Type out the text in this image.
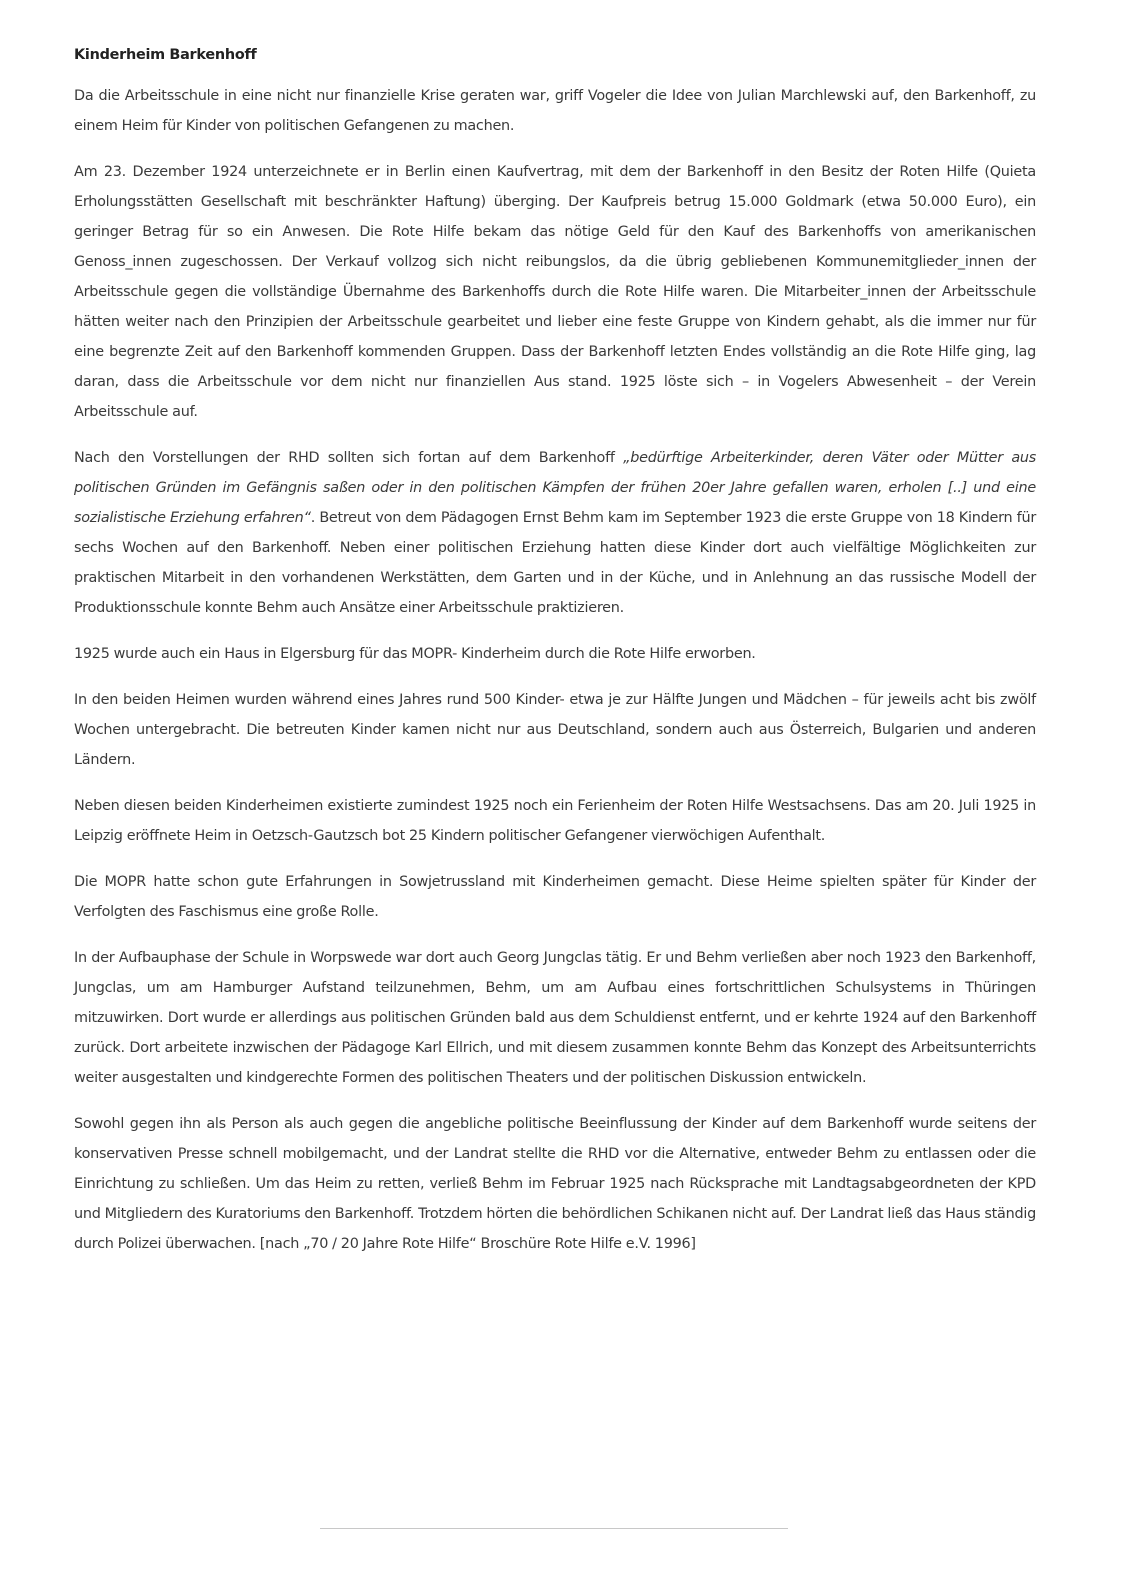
Kinderheim Barkenhoff

Da die Arbeitsschule in eine nicht nur finanzielle Krise geraten war, griff Vogeler die Idee von Julian Marchlewski auf, den Barkenhoff, zu einem Heim für Kinder von politischen Gefangenen zu machen.

Am 23. Dezember 1924 unterzeichnete er in Berlin einen Kaufvertrag, mit dem der Barkenhoff in den Besitz der Roten Hilfe (Quieta Erholungsstätten Gesellschaft mit beschränkter Haftung) überging. Der Kaufpreis betrug 15.000 Goldmark (etwa 50.000 Euro), ein geringer Betrag für so ein Anwesen. Die Rote Hilfe bekam das nötige Geld für den Kauf des Barkenhoffs von amerikanischen Genoss_innen zugeschossen. Der Verkauf vollzog sich nicht reibungslos, da die übrig gebliebenen Kommunemitglieder_innen der Arbeitsschule gegen die vollständige Übernahme des Barkenhoffs durch die Rote Hilfe waren. Die Mitarbeiter_innen der Arbeitsschule hätten weiter nach den Prinzipien der Arbeitsschule gearbeitet und lieber eine feste Gruppe von Kindern gehabt, als die immer nur für eine begrenzte Zeit auf den Barkenhoff kommenden Gruppen. Dass der Barkenhoff letzten Endes vollständig an die Rote Hilfe ging, lag daran, dass die Arbeitsschule vor dem nicht nur finanziellen Aus stand. 1925 löste sich – in Vogelers Abwesenheit – der Verein Arbeitsschule auf.

Nach den Vorstellungen der RHD sollten sich fortan auf dem Barkenhoff „bedürftige Arbeiterkinder, deren Väter oder Mütter aus politischen Gründen im Gefängnis saßen oder in den politischen Kämpfen der frühen 20er Jahre gefallen waren, erholen [..] und eine sozialistische Erziehung erfahren“. Betreut von dem Pädagogen Ernst Behm kam im September 1923 die erste Gruppe von 18 Kindern für sechs Wochen auf den Barkenhoff. Neben einer politischen Erziehung hatten diese Kinder dort auch vielfältige Möglichkeiten zur praktischen Mitarbeit in den vorhandenen Werkstätten, dem Garten und in der Küche, und in Anlehnung an das russische Modell der Produktionsschule konnte Behm auch Ansätze einer Arbeitsschule praktizieren.

1925 wurde auch ein Haus in Elgersburg für das MOPR- Kinderheim durch die Rote Hilfe erworben.

In den beiden Heimen wurden während eines Jahres rund 500 Kinder- etwa je zur Hälfte Jungen und Mädchen – für jeweils acht bis zwölf Wochen untergebracht. Die betreuten Kinder kamen nicht nur aus Deutschland, sondern auch aus Österreich, Bulgarien und anderen Ländern.

Neben diesen beiden Kinderheimen existierte zumindest 1925 noch ein Ferienheim der Roten Hilfe Westsachsens. Das am 20. Juli 1925 in Leipzig eröffnete Heim in Oetzsch-Gautzsch bot 25 Kindern politischer Gefangener vierwöchigen Aufenthalt.

Die MOPR hatte schon gute Erfahrungen in Sowjetrussland mit Kinderheimen gemacht. Diese Heime spielten später für Kinder der Verfolgten des Faschismus eine große Rolle.

In der Aufbauphase der Schule in Worpswede war dort auch Georg Jungclas tätig. Er und Behm verließen aber noch 1923 den Barkenhoff, Jungclas, um am Hamburger Aufstand teilzunehmen, Behm, um am Aufbau eines fortschrittlichen Schulsystems in Thüringen mitzuwirken. Dort wurde er allerdings aus politischen Gründen bald aus dem Schuldienst entfernt, und er kehrte 1924 auf den Barkenhoff zurück. Dort arbeitete inzwischen der Pädagoge Karl Ellrich, und mit diesem zusammen konnte Behm das Konzept des Arbeitsunterrichts weiter ausgestalten und kindgerechte Formen des politischen Theaters und der politischen Diskussion entwickeln.

Sowohl gegen ihn als Person als auch gegen die angebliche politische Beeinflussung der Kinder auf dem Barkenhoff wurde seitens der konservativen Presse schnell mobilgemacht, und der Landrat stellte die RHD vor die Alternative, entweder Behm zu entlassen oder die Einrichtung zu schließen. Um das Heim zu retten, verließ Behm im Februar 1925 nach Rücksprache mit Landtagsabgeordneten der KPD und Mitgliedern des Kuratoriums den Barkenhoff. Trotzdem hörten die behördlichen Schikanen nicht auf. Der Landrat ließ das Haus ständig durch Polizei überwachen. [nach „70 / 20 Jahre Rote Hilfe“ Broschüre Rote Hilfe e.V. 1996]
